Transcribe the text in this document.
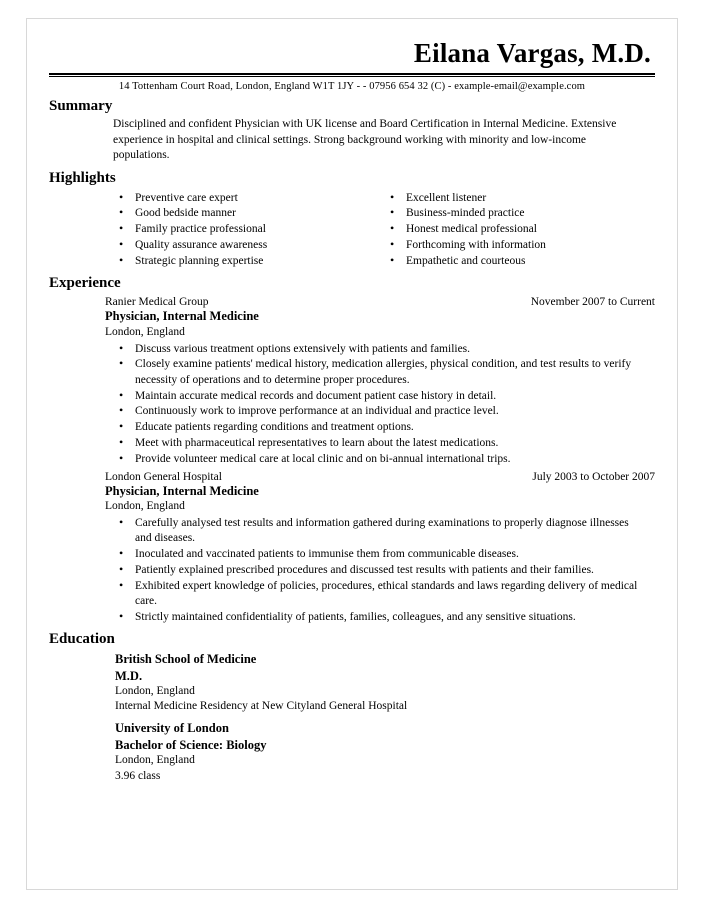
Eilana Vargas, M.D.
14 Tottenham Court Road, London, England W1T 1JY - - 07956 654 32 (C) - example-email@example.com
Summary
Disciplined and confident Physician with UK license and Board Certification in Internal Medicine. Extensive experience in hospital and clinical settings. Strong background working with minority and low-income populations.
Highlights
• Preventive care expert
• Good bedside manner
• Family practice professional
• Quality assurance awareness
• Strategic planning expertise
• Excellent listener
• Business-minded practice
• Honest medical professional
• Forthcoming with information
• Empathetic and courteous
Experience
Ranier Medical Group	November 2007 to Current
Physician, Internal Medicine
London, England
• Discuss various treatment options extensively with patients and families.
• Closely examine patients' medical history, medication allergies, physical condition, and test results to verify necessity of operations and to determine proper procedures.
• Maintain accurate medical records and document patient case history in detail.
• Continuously work to improve performance at an individual and practice level.
• Educate patients regarding conditions and treatment options.
• Meet with pharmaceutical representatives to learn about the latest medications.
• Provide volunteer medical care at local clinic and on bi-annual international trips.
London General Hospital	July 2003 to October 2007
Physician, Internal Medicine
London, England
• Carefully analysed test results and information gathered during examinations to properly diagnose illnesses and diseases.
• Inoculated and vaccinated patients to immunise them from communicable diseases.
• Patiently explained prescribed procedures and discussed test results with patients and their families.
• Exhibited expert knowledge of policies, procedures, ethical standards and laws regarding delivery of medical care.
• Strictly maintained confidentiality of patients, families, colleagues, and any sensitive situations.
Education
British School of Medicine
M.D.
London, England
Internal Medicine Residency at New Cityland General Hospital
University of London
Bachelor of Science: Biology
London, England
3.96 class
